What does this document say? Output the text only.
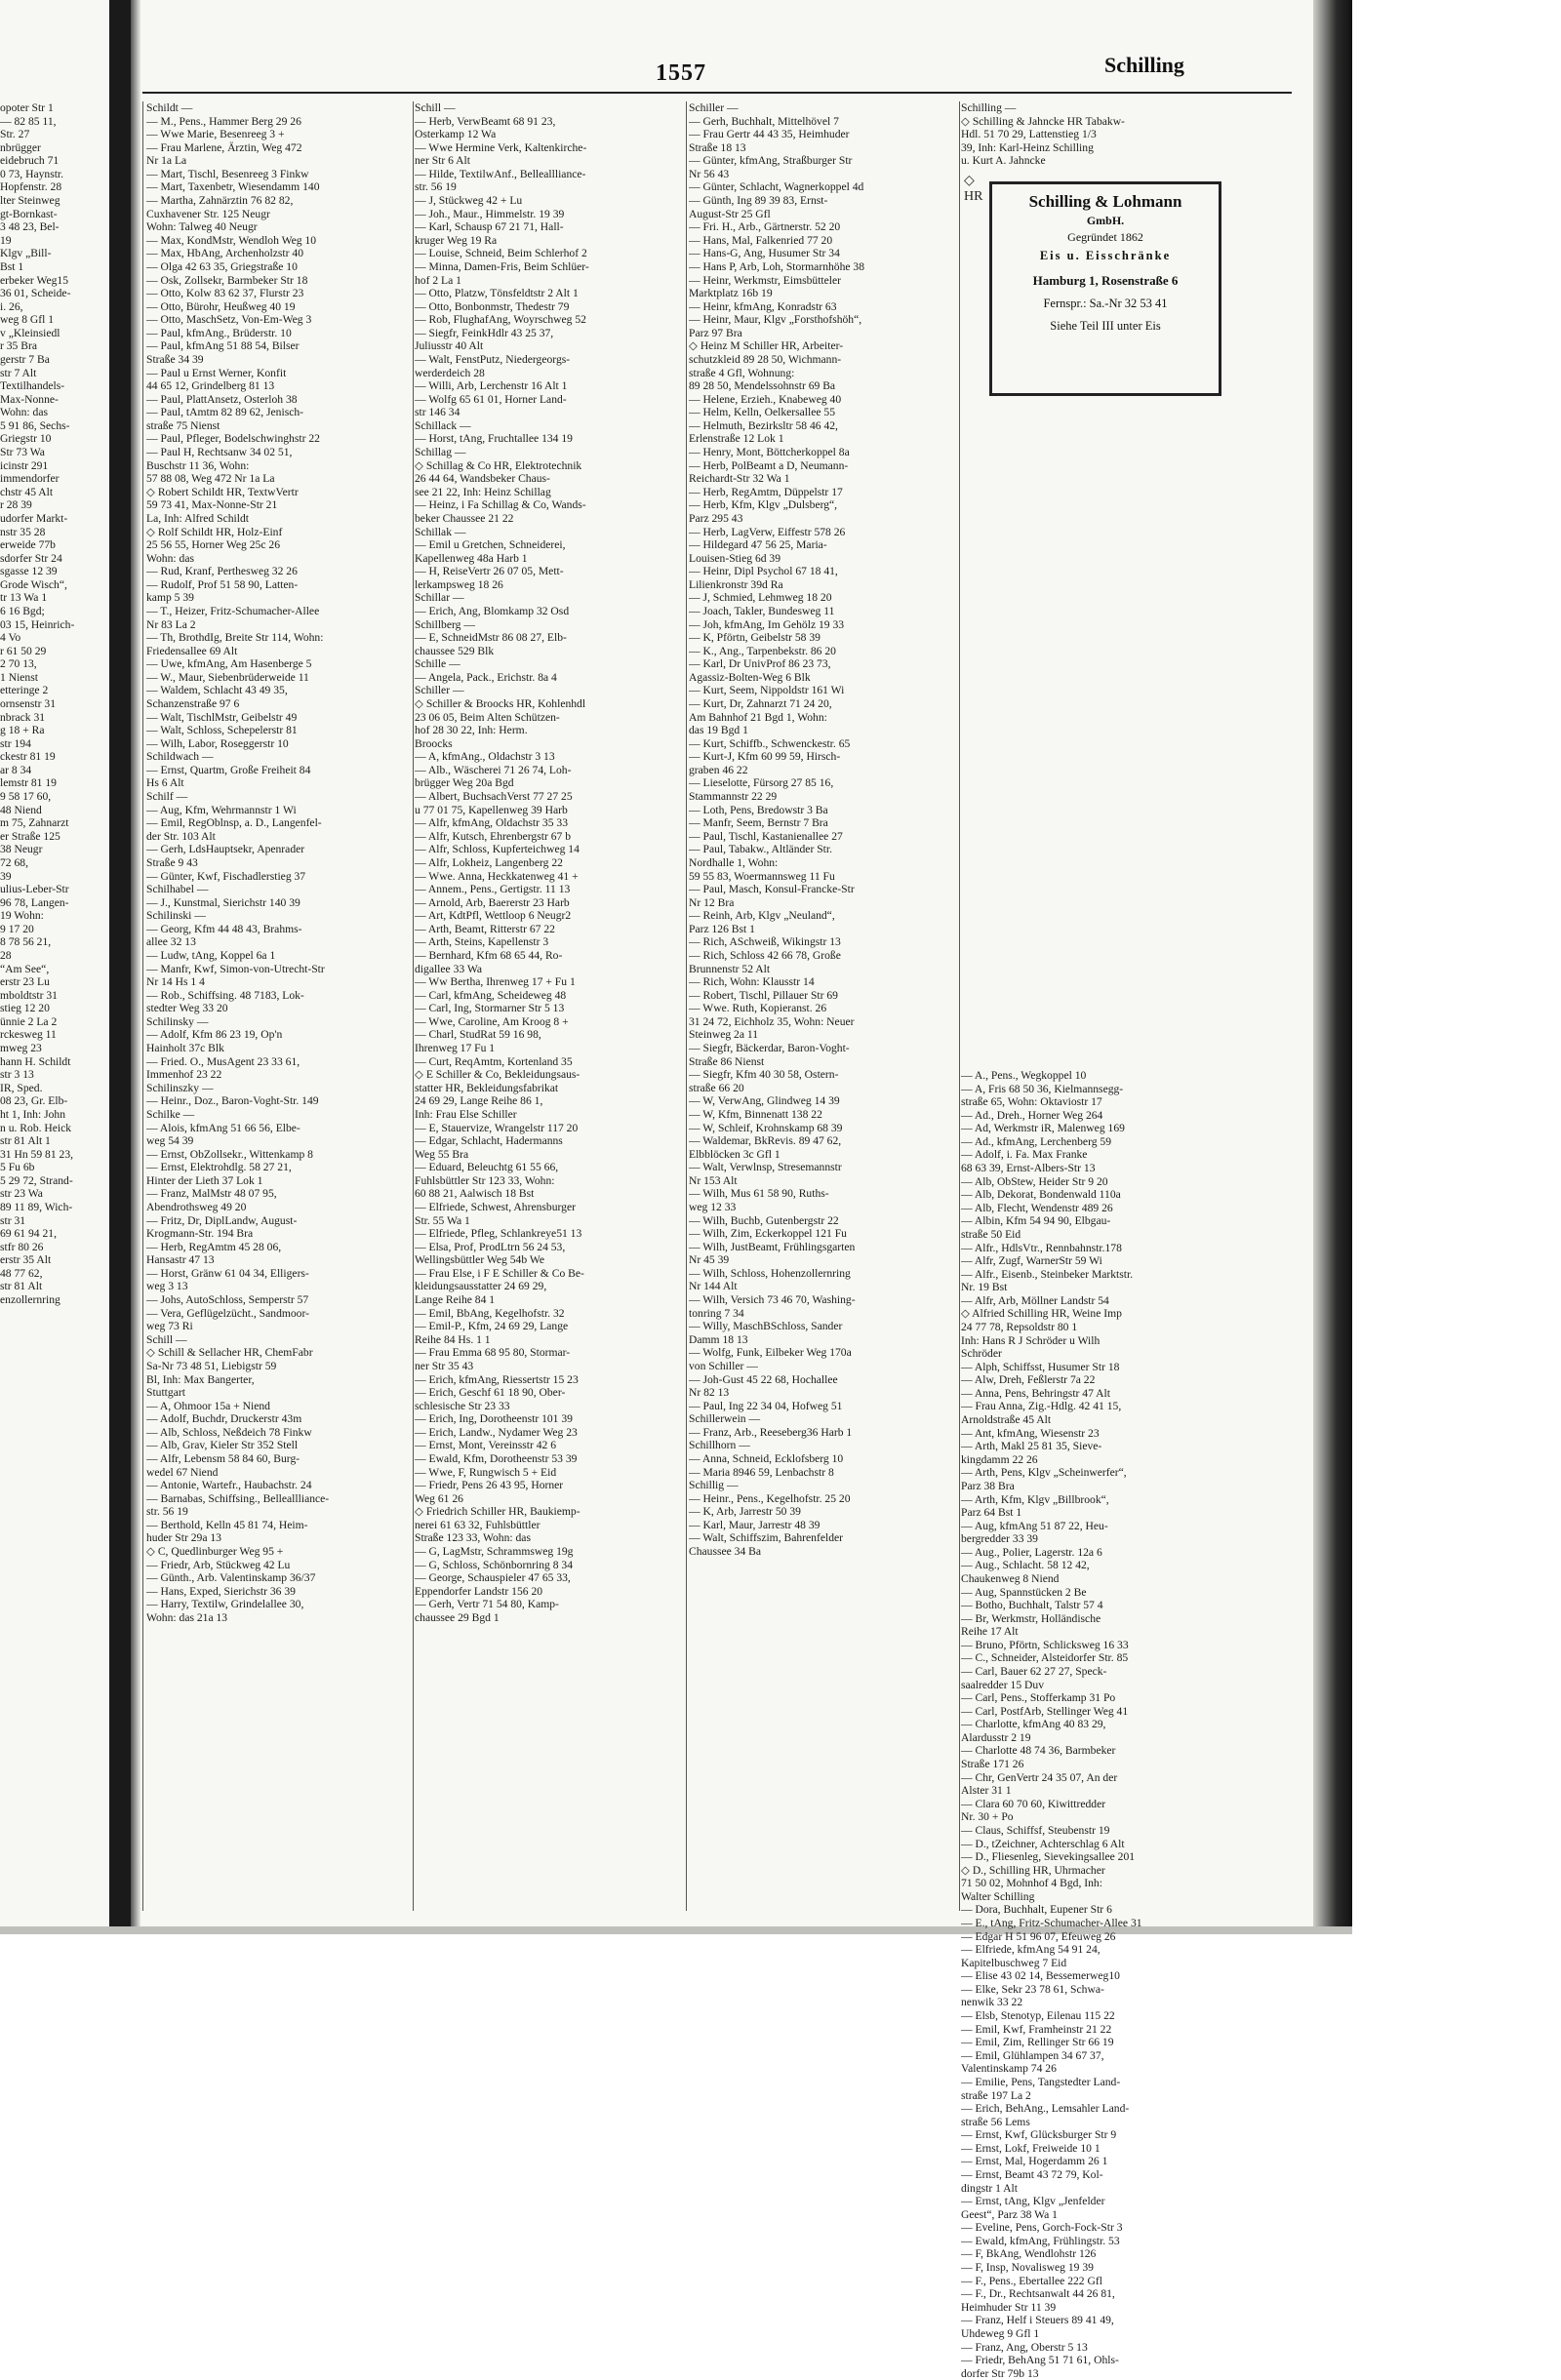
1557	Schilling
opoter Str 1
— 82 85 11,
Str. 27
nbrügger
eidebruch 71
0 73, Haynstr.
Hopfenstr. 28
lter Steinweg
gt-Bornkast-
3 48 23, Bel-
19
Klgv „Bill-
Bst 1
erbeker Weg15
36 01, Scheide-
i. 26,
weg 8 Gfl 1
v „Kleinsiedl
r 35 Bra
gerstr 7 Ba
str 7 Alt
Textilhandels-
Max-Nonne-
Wohn: das
5 91 86, Sechs-
Griegstr 10
Str 73 Wa
icinstr 291
immendorfer
chstr 45 Alt
r 28 39
udorfer Markt-
nstr 35 28
erweide 77b
sdorfer Str 24
sgasse 12 39
Grode Wisch“,
tr 13 Wa 1
6 16 Bgd;
03 15, Heinrich-
4 Vo
r 61 50 29
2 70 13,
1 Nienst
etteringe 2
ornsenstr 31
nbrack 31
g 18 + Ra
str 194
ckestr 81 19
ar 8 34
lemstr 81 19
9 58 17 60,
48 Niend
m 75, Zahnarzt
er Straße 125
38 Neugr
72 68,
39
ulius-Leber-Str
96 78, Langen-
19 Wohn:
9 17 20
8 78 56 21,
28
“Am See“,
erstr 23 Lu
mboldtstr 31
stieg 12 20
ünnie 2 La 2
rckesweg 11
mweg 23
hann H. Schildt
str 3 13
IR, Sped.
08 23, Gr. Elb-
ht 1, Inh: John
n u. Rob. Heick
str 81 Alt 1
31 Hn 59 81 23,
5 Fu 6b
5 29 72, Strand-
str 23 Wa
89 11 89, Wich-
str 31
69 61 94 21,
stfr 80 26
erstr 35 Alt
48 77 62,
str 81 Alt
enzollernring
Schildt —
— M., Pens., Hammer Berg 29 26
— Wwe Marie, Besenreeg 3 +
— Frau Marlene, Ärztin, Weg 472
Nr 1a La
— Mart, Tischl, Besenreeg 3 Finkw
— Mart, Taxenbetr, Wiesendamm 140
— Martha, Zahnärztin 76 82 82,
Cuxhavener Str. 125 Neugr
Wohn: Talweg 40 Neugr
— Max, KondMstr, Wendloh Weg 10
— Max, HbAng, Archenholzstr 40
— Olga 42 63 35, Griegstraße 10
— Osk, Zollsekr, Barmbeker Str 18
— Otto, Kolw 83 62 37, Flurstr 23
— Otto, Bürohr, Heußweg 40 19
— Otto, MaschSetz, Von-Em-Weg 3
— Paul, kfmAng., Brüderstr. 10
— Paul, kfmAng 51 88 54, Bilser
Straße 34 39
— Paul u Ernst Werner, Konfit
44 65 12, Grindelberg 81 13
— Paul, PlattAnsetz, Osterloh 38
— Paul, tAmtm 82 89 62, Jenisch-
straße 75 Nienst
— Paul, Pfleger, Bodelschwinghstr 22
— Paul H, Rechtsanw 34 02 51,
Buschstr 11 36, Wohn:
57 88 08, Weg 472 Nr 1a La
◇ Robert Schildt HR, TextwVertr
59 73 41, Max-Nonne-Str 21
La, Inh: Alfred Schildt
◇ Rolf Schildt HR, Holz-Einf
25 56 55, Horner Weg 25c 26
Wohn: das
— Rud, Kranf, Perthesweg 32 26
— Rudolf, Prof 51 58 90, Latten-
kamp 5 39
— T., Heizer, Fritz-Schumacher-Allee
Nr 83 La 2
— Th, BrothdIg, Breite Str 114, Wohn:
Friedensallee 69 Alt
— Uwe, kfmAng, Am Hasenberge 5
— W., Maur, Siebenbrüderweide 11
— Waldem, Schlacht 43 49 35,
Schanzenstraße 97 6
— Walt, TischlMstr, Geibelstr 49
— Walt, Schloss, Schepelerstr 81
— Wilh, Labor, Roseggerstr 10
Schildwach —
— Ernst, Quartm, Große Freiheit 84
Hs 6 Alt
Schilf —
— Aug, Kfm, Wehrmannstr 1 Wi
— Emil, RegOblnsp, a. D., Langenfel-
der Str. 103 Alt
— Gerh, LdsHauptsekr, Apenrader
Straße 9 43
— Günter, Kwf, Fischadlerstieg 37
Schilhabel —
— J., Kunstmal, Sierichstr 140 39
Schilinski —
— Georg, Kfm 44 48 43, Brahms-
allee 32 13
— Ludw, tAng, Koppel 6a 1
— Manfr, Kwf, Simon-von-Utrecht-Str
Nr 14 Hs 1 4
— Rob., Schiffsing. 48 7183, Lok-
stedter Weg 33 20
Schilinsky —
— Adolf, Kfm 86 23 19, Op'n
Hainholt 37c Blk
— Fried. O., MusAgent 23 33 61,
Immenhof 23 22
Schilinszky —
— Heinr., Doz., Baron-Voght-Str. 149
Schilke —
— Alois, kfmAng 51 66 56, Elbe-
weg 54 39
— Ernst, ObZollsekr., Wittenkamp 8
— Ernst, Elektrohdlg. 58 27 21,
Hinter der Lieth 37 Lok 1
— Franz, MalMstr 48 07 95,
Abendrothsweg 49 20
— Fritz, Dr, DiplLandw, August-
Krogmann-Str. 194 Bra
— Herb, RegAmtm 45 28 06,
Hansastr 47 13
— Horst, Gränw 61 04 34, Elligers-
weg 3 13
— Johs, AutoSchloss, Semperstr 57
— Vera, Geflügelzücht., Sandmoor-
weg 73 Ri
Schill —
◇ Schill & Sellacher HR, ChemFabr
Sa-Nr 73 48 51, Liebigstr 59
Bl, Inh: Max Bangerter,
Stuttgart
— A, Ohmoor 15a + Niend
— Adolf, Buchdr, Druckerstr 43m
— Alb, Schloss, Neßdeich 78 Finkw
— Alb, Grav, Kieler Str 352 Stell
— Alfr, Lebensm 58 84 60, Burg-
wedel 67 Niend
— Antonie, Wartefr., Haubachstr. 24
— Barnabas, Schiffsing., Belleallliance-
str. 56 19
— Berthold, Kelln 45 81 74, Heim-
huder Str 29a 13
◇ C, Quedlinburger Weg 95 +
— Friedr, Arb, Stückweg 42 Lu
— Günth., Arb. Valentinskamp 36/37
— Hans, Exped, Sierichstr 36 39
— Harry, Textilw, Grindelallee 30,
Wohn: das 21a 13
Schill —
— Herb, VerwBeamt 68 91 23,
Osterkamp 12 Wa
— Wwe Hermine Verk, Kaltenkirche-
ner Str 6 Alt
— Hilde, TextilwAnf., Belleallliance-
str. 56 19
— J, Stückweg 42 + Lu
— Joh., Maur., Himmelstr. 19 39
— Karl, Schausp 67 21 71, Hall-
kruger Weg 19 Ra
— Louise, Schneid, Beim Schlerhof 2
— Minna, Damen-Fris, Beim Schlüer-
hof 2 La 1
— Otto, Platzw, Tönsfeldtstr 2 Alt 1
— Otto, Bonbonmstr, Thedestr 79
— Rob, FlughafAng, Woyrschweg 52
— Siegfr, FeinkHdlr 43 25 37,
Juliusstr 40 Alt
— Walt, FenstPutz, Niedergeorgs-
werderdeich 28
— Willi, Arb, Lerchenstr 16 Alt 1
— Wolfg 65 61 01, Horner Land-
str 146 34
Schillack —
— Horst, tAng, Fruchtallee 134 19
Schillag —
◇ Schillag & Co HR, Elektrotechnik
26 44 64, Wandsbeker Chaus-
see 21 22, Inh: Heinz Schillag
— Heinz, i Fa Schillag & Co, Wands-
beker Chaussee 21 22
Schillak —
— Emil u Gretchen, Schneiderei,
Kapellenweg 48a Harb 1
— H, ReiseVertr 26 07 05, Mett-
lerkampsweg 18 26
Schillar —
— Erich, Ang, Blomkamp 32 Osd
Schillberg —
— E, SchneidMstr 86 08 27, Elb-
chaussee 529 Blk
Schille —
— Angela, Pack., Erichstr. 8a 4
Schiller —
◇ Schiller & Broocks HR, Kohlenhdl
23 06 05, Beim Alten Schützen-
hof 28 30 22, Inh: Herm.
Broocks
— A, kfmAng., Oldachstr 3 13
— Alb., Wäscherei 71 26 74, Loh-
brügger Weg 20a Bgd
— Albert, BuchsachVerst 77 27 25
u 77 01 75, Kapellenweg 39 Harb
— Alfr, kfmAng, Oldachstr 35 33
— Alfr, Kutsch, Ehrenbergstr 67 b
— Alfr, Schloss, Kupferteichweg 14
— Alfr, Lokheiz, Langenberg 22
— Wwe. Anna, Heckkatenweg 41 +
— Annem., Pens., Gertigstr. 11 13
— Arnold, Arb, Baererstr 23 Harb
— Art, KdtPfl, Wettloop 6 Neugr2
— Arth, Beamt, Ritterstr 67 22
— Arth, Steins, Kapellenstr 3
— Bernhard, Kfm 68 65 44, Ro-
digallee 33 Wa
— Ww Bertha, Ihrenweg 17 + Fu 1
— Carl, kfmAng, Scheideweg 48
— Carl, Ing, Stormarner Str 5 13
— Wwe, Caroline, Am Kroog 8 +
— Charl, StudRat 59 16 98,
Ihrenweg 17 Fu 1
— Curt, ReqAmtm, Kortenland 35
◇ E Schiller & Co, Bekleidungsaus-
statter HR, Bekleidungsfabrikat
24 69 29, Lange Reihe 86 1,
Inh: Frau Else Schiller
— E, Stauervize, Wrangelstr 117 20
— Edgar, Schlacht, Hadermanns
Weg 55 Bra
— Eduard, Beleuchtg 61 55 66,
Fuhlsbüttler Str 123 33, Wohn:
60 88 21, Aalwisch 18 Bst
— Elfriede, Schwest, Ahrensburger
Str. 55 Wa 1
— Elfriede, Pfleg, Schlankreye51 13
— Elsa, Prof, ProdLtrn 56 24 53,
Wellingsbüttler Weg 54b We
— Frau Else, i F E Schiller & Co Be-
kleidungsausstatter 24 69 29,
Lange Reihe 84 1
— Emil, BbAng, Kegelhofstr. 32
— Emil-P., Kfm, 24 69 29, Lange
Reihe 84 Hs. 1 1
— Frau Emma 68 95 80, Stormar-
ner Str 35 43
— Erich, kfmAng, Riessertstr 15 23
— Erich, Geschf 61 18 90, Ober-
schlesische Str 23 33
— Erich, Ing, Dorotheenstr 101 39
— Erich, Landw., Nydamer Weg 23
— Ernst, Mont, Vereinsstr 42 6
— Ewald, Kfm, Dorotheenstr 53 39
— Wwe, F, Rungwisch 5 + Eid
— Friedr, Pens 26 43 95, Horner
Weg 61 26
◇ Friedrich Schiller HR, Baukiemp-
nerei 61 63 32, Fuhlsbüttler
Straße 123 33, Wohn: das
— G, LagMstr, Schrammsweg 19g
— G, Schloss, Schönbornring 8 34
— George, Schauspieler 47 65 33,
Eppendorfer Landstr 156 20
— Gerh, Vertr 71 54 80, Kamp-
chaussee 29 Bgd 1
Schiller —
— Gerh, Buchhalt, Mittelhövel 7
— Frau Gertr 44 43 35, Heimhuder
Straße 18 13
— Günter, kfmAng, Straßburger Str
Nr 56 43
— Günter, Schlacht, Wagnerkoppel 4d
— Günth, Ing 89 39 83, Ernst-
August-Str 25 Gfl
— Fri. H., Arb., Gärtnerstr. 52 20
— Hans, Mal, Falkenried 77 20
— Hans-G, Ang, Husumer Str 34
— Hans P, Arb, Loh, Stormarnhöhe 38
— Heinr, Werkmstr, Eimsbütteler
Marktplatz 16b 19
— Heinr, kfmAng, Konradstr 63
— Heinr, Maur, Klgv „Forsthofshöh“,
Parz 97 Bra
◇ Heinz M Schiller HR, Arbeiter-
schutzkleid 89 28 50, Wichmann-
straße 4 Gfl, Wohnung:
89 28 50, Mendelssohnstr 69 Ba
— Helene, Erzieh., Knabeweg 40
— Helm, Kelln, Oelkersallee 55
— Helmuth, Bezirksltr 58 46 42,
Erlenstraße 12 Lok 1
— Henry, Mont, Böttcherkoppel 8a
— Herb, PolBeamt a D, Neumann-
Reichardt-Str 32 Wa 1
— Herb, RegAmtm, Düppelstr 17
— Herb, Kfm, Klgv „Dulsberg“,
Parz 295 43
— Herb, LagVerw, Eiffestr 578 26
— Hildegard 47 56 25, Maria-
Louisen-Stieg 6d 39
— Heinr, Dipl Psychol 67 18 41,
Lilienkronstr 39d Ra
— J, Schmied, Lehmweg 18 20
— Joach, Takler, Bundesweg 11
— Joh, kfmAng, Im Gehölz 19 33
— K, Pförtn, Geibelstr 58 39
— K., Ang., Tarpenbekstr. 86 20
— Karl, Dr UnivProf 86 23 73,
Agassiz-Bolten-Weg 6 Blk
— Kurt, Seem, Nippoldstr 161 Wi
— Kurt, Dr, Zahnarzt 71 24 20,
Am Bahnhof 21 Bgd 1, Wohn:
das 19 Bgd 1
— Kurt, Schiffb., Schwenckestr. 65
— Kurt-J, Kfm 60 99 59, Hirsch-
graben 46 22
— Lieselotte, Fürsorg 27 85 16,
Stammannstr 22 29
— Loth, Pens, Bredowstr 3 Ba
— Manfr, Seem, Bernstr 7 Bra
— Paul, Tischl, Kastanienallee 27
— Paul, Tabakw., Altländer Str.
Nordhalle 1, Wohn:
59 55 83, Woermannsweg 11 Fu
— Paul, Masch, Konsul-Francke-Str
Nr 12 Bra
— Reinh, Arb, Klgv „Neuland“,
Parz 126 Bst 1
— Rich, ASchweiß, Wikingstr 13
— Rich, Schloss 42 66 78, Große
Brunnenstr 52 Alt
— Rich, Wohn: Klausstr 14
— Robert, Tischl, Pillauer Str 69
— Wwe. Ruth, Kopieranst. 26
31 24 72, Eichholz 35, Wohn: Neuer
Steinweg 2a 11
— Siegfr, Bäckerdar, Baron-Voght-
Straße 86 Nienst
— Siegfr, Kfm 40 30 58, Ostern-
straße 66 20
— W, VerwAng, Glindweg 14 39
— W, Kfm, Binnenatt 138 22
— W, Schleif, Krohnskamp 68 39
— Waldemar, BkRevis. 89 47 62,
Elbblöcken 3c Gfl 1
— Walt, Verwlnsp, Stresemannstr
Nr 153 Alt
— Wilh, Mus 61 58 90, Ruths-
weg 12 33
— Wilh, Buchb, Gutenbergstr 22
— Wilh, Zim, Eckerkoppel 121 Fu
— Wilh, JustBeamt, Frühlingsgarten
Nr 45 39
— Wilh, Schloss, Hohenzollernring
Nr 144 Alt
— Wilh, Versich 73 46 70, Washing-
tonring 7 34
— Willy, MaschBSchloss, Sander
Damm 18 13
— Wolfg, Funk, Eilbeker Weg 170a
von Schiller —
— Joh-Gust 45 22 68, Hochallee
Nr 82 13
— Paul, Ing 22 34 04, Hofweg 51
Schillerwein —
— Franz, Arb., Reeseberg36 Harb 1
Schillhorn —
— Anna, Schneid, Ecklofsberg 10
— Maria 8946 59, Lenbachstr 8
Schillig —
— Heinr., Pens., Kegelhofstr. 25 20
— K, Arb, Jarrestr 50 39
— Karl, Maur, Jarrestr 48 39
— Walt, Schiffszim, Bahrenfelder
Chaussee 34 Ba
Schilling —
◇ Schilling & Jahncke HR Tabakw-
Hdl. 51 70 29, Lattenstieg 1/3
39, Inh: Karl-Heinz Schilling
u. Kurt A. Jahncke
— A., Pens., Wegkoppel 10
— A, Fris 68 50 36, Kielmannsegg-
straße 65, Wohn: Oktaviostr 17
— Ad., Dreh., Horner Weg 264
— Ad, Werkmstr iR, Malenweg 169
— Ad., kfmAng, Lerchenberg 59
— Adolf, i. Fa. Max Franke
68 63 39, Ernst-Albers-Str 13
— Alb, ObStew, Heider Str 9 20
— Alb, Dekorat, Bondenwald 110a
— Alb, Flecht, Wendenstr 489 26
— Albin, Kfm 54 94 90, Elbgau-
straße 50 Eid
— Alfr., HdlsVtr., Rennbahnstr.178
— Alfr, Zugf, WarnerStr 59 Wi
— Alfr., Eisenb., Steinbeker Marktstr.
Nr. 19 Bst
— Alfr, Arb, Möllner Landstr 54
◇ Alfried Schilling HR, Weine Imp
24 77 78, Repsoldstr 80 1
Inh: Hans R J Schröder u Wilh
Schröder
— Alph, Schiffsst, Husumer Str 18
— Alw, Dreh, Feßlerstr 7a 22
— Anna, Pens, Behringstr 47 Alt
— Frau Anna, Zig.-Hdlg. 42 41 15,
Arnoldstraße 45 Alt
— Ant, kfmAng, Wiesenstr 23
— Arth, Makl 25 81 35, Sieve-
kingdamm 22 26
— Arth, Pens, Klgv „Scheinwerfer“,
Parz 38 Bra
— Arth, Kfm, Klgv „Billbrook“,
Parz 64 Bst 1
— Aug, kfmAng 51 87 22, Heu-
bergredder 33 39
— Aug., Polier, Lagerstr. 12a 6
— Aug., Schlacht. 58 12 42,
Chaukenweg 8 Niend
— Aug, Spannstücken 2 Be
— Botho, Buchhalt, Talstr 57 4
— Br, Werkmstr, Holländische
Reihe 17 Alt
— Bruno, Pförtn, Schlicksweg 16 33
— C., Schneider, Alsteidorfer Str. 85
— Carl, Bauer 62 27 27, Speck-
saalredder 15 Duv
— Carl, Pens., Stofferkamp 31 Po
— Carl, PostfArb, Stellinger Weg 41
— Charlotte, kfmAng 40 83 29,
Alardusstr 2 19
— Charlotte 48 74 36, Barmbeker
Straße 171 26
— Chr, GenVertr 24 35 07, An der
Alster 31 1
— Clara 60 70 60, Kiwittredder
Nr. 30 + Po
— Claus, Schiffsf, Steubenstr 19
— D., tZeichner, Achterschlag 6 Alt
— D., Fliesenleg, Sievekingsallee 201
◇ D., Schilling HR, Uhrmacher
71 50 02, Mohnhof 4 Bgd, Inh:
Walter Schilling
— Dora, Buchhalt, Eupener Str 6
— E., tAng, Fritz-Schumacher-Allee 31
— Edgar H 51 96 07, Efeuweg 26
— Elfriede, kfmAng 54 91 24,
Kapitelbuschweg 7 Eid
— Elise 43 02 14, Bessemerweg10
— Elke, Sekr 23 78 61, Schwa-
nenwik 33 22
— Elsb, Stenotyp, Eilenau 115 22
— Emil, Kwf, Framheinstr 21 22
— Emil, Zim, Rellinger Str 66 19
— Emil, Glühlampen 34 67 37,
Valentinskamp 74 26
— Emilie, Pens, Tangstedter Land-
straße 197 La 2
— Erich, BehAng., Lemsahler Land-
straße 56 Lems
— Ernst, Kwf, Glücksburger Str 9
— Ernst, Lokf, Freiweide 10 1
— Ernst, Mal, Hogerdamm 26 1
— Ernst, Beamt 43 72 79, Kol-
dingstr 1 Alt
— Ernst, tAng, Klgv „Jenfelder
Geest“, Parz 38 Wa 1
— Eveline, Pens, Gorch-Fock-Str 3
— Ewald, kfmAng, Frühlingstr. 53
— F, BkAng, Wendlohstr 126
— F, Insp, Novalisweg 19 39
— F., Pens., Ebertallee 222 Gfl
— F., Dr., Rechtsanwalt 44 26 81,
Heimhuder Str 11 39
— Franz, Helf i Steuers 89 41 49,
Uhdeweg 9 Gfl 1
— Franz, Ang, Oberstr 5 13
— Friedr, BehAng 51 71 61, Ohls-
dorfer Str 79b 13
◇
HR	Schilling & Lohmann
GmbH.
Gegründet 1862
Eis u. Eisschränke
Hamburg 1, Rosenstraße 6
Fernspr.: Sa.-Nr 32 53 41
Siehe Teil III unter Eis
